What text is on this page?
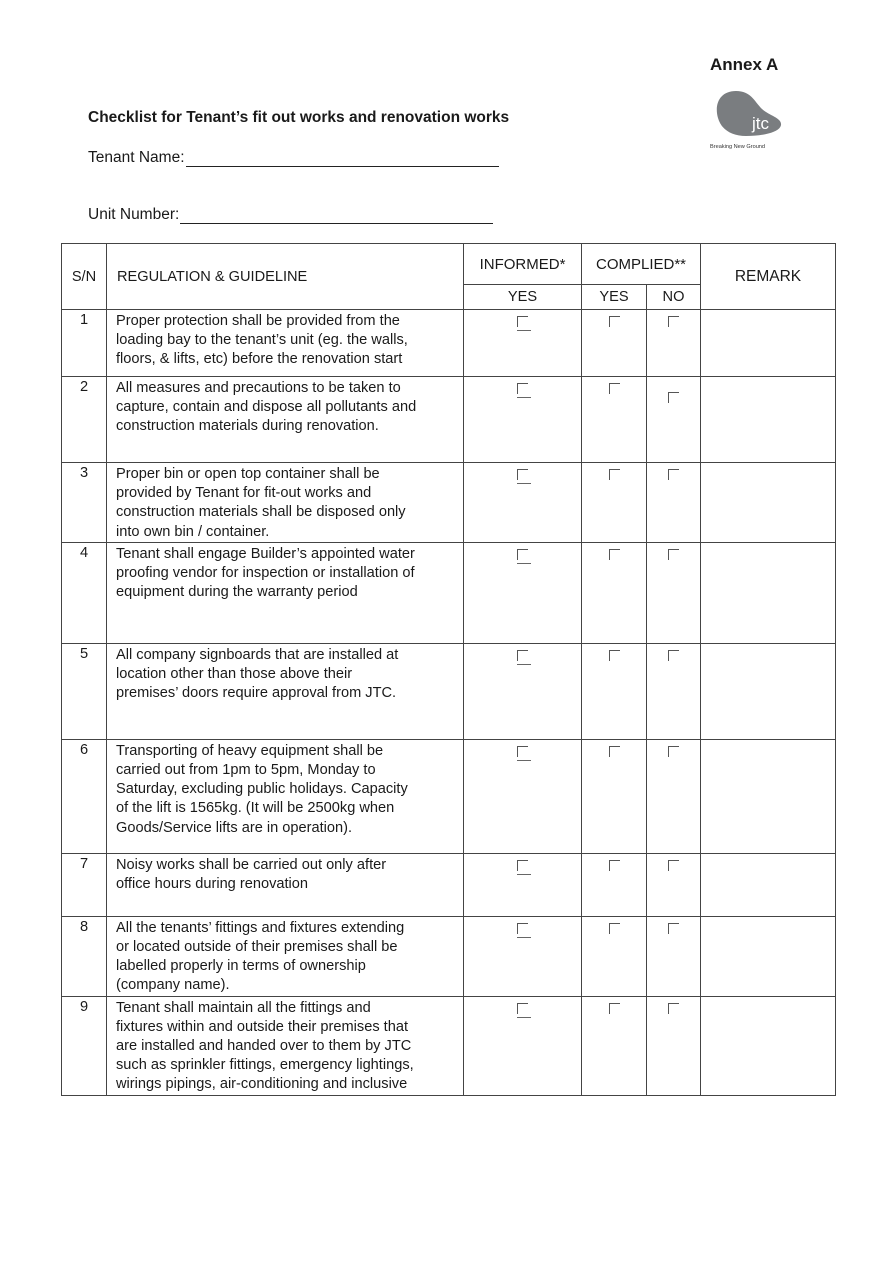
Annex A
jtc
Breaking New Ground
Checklist for Tenant’s fit out works and renovation works
Tenant Name:
Unit Number:
S/N	REGULATION & GUIDELINE	INFORMED*	COMPLIED**		REMARK
		YES	YES	NO	
1	Proper protection shall be provided from the
loading bay to the tenant’s unit (eg. the walls,
floors, & lifts, etc) before the renovation start				

2	All measures and precautions to be taken to
capture, contain and dispose all pollutants and
construction materials during renovation.				

3	Proper bin or open top container shall be
provided by Tenant for fit-out works and
construction materials shall be disposed only
into own bin / container.				

4	Tenant shall engage Builder’s appointed water
proofing vendor for inspection or installation of
equipment during the warranty period				

5	All company signboards that are installed at
location other than those above their
premises’ doors require approval from JTC.				

6	Transporting of heavy equipment shall be
carried out from 1pm to 5pm, Monday to
Saturday, excluding public holidays. Capacity
of the lift is 1565kg. (It will be 2500kg when
Goods/Service lifts are in operation).				

7	Noisy works shall be carried out only after
office hours during renovation				

8	All the tenants’ fittings and fixtures extending
or located outside of their premises shall be
labelled properly in terms of ownership
(company name).				

9	Tenant shall maintain all the fittings and
fixtures within and outside their premises that
are installed and handed over to them by JTC
such as sprinkler fittings, emergency lightings,
wirings pipings, air-conditioning and inclusive				
